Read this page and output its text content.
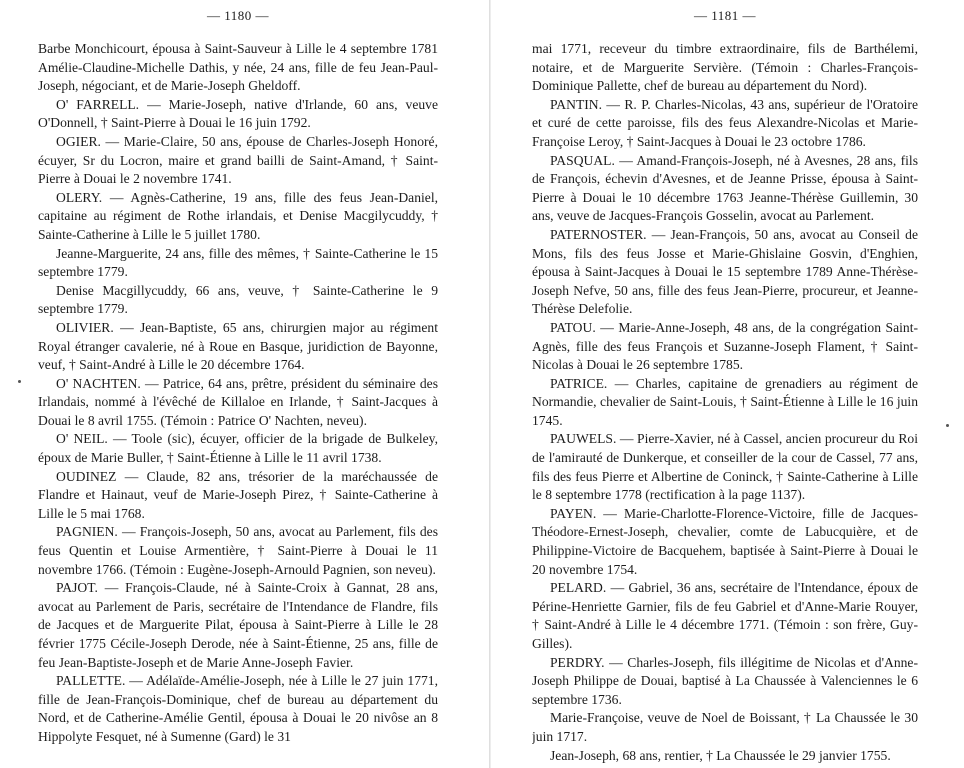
— 1180 —

Barbe Monchicourt, épousa à Saint-Sauveur à Lille le 4 septembre 1781 Amélie-Claudine-Michelle Dathis, y née, 24 ans, fille de feu Jean-Paul-Joseph, négociant, et de Marie-Joseph Gheldoff.

O' FARRELL. — Marie-Joseph, native d'Irlande, 60 ans, veuve O'Donnell, † Saint-Pierre à Douai le 16 juin 1792.

OGIER. — Marie-Claire, 50 ans, épouse de Charles-Joseph Honoré, écuyer, Sr du Locron, maire et grand bailli de Saint-Amand, † Saint-Pierre à Douai le 2 novembre 1741.

OLERY. — Agnès-Catherine, 19 ans, fille des feus Jean-Daniel, capitaine au régiment de Rothe irlandais, et Denise Macgilycuddy, † Sainte-Catherine à Lille le 5 juillet 1780.

Jeanne-Marguerite, 24 ans, fille des mêmes, † Sainte-Catherine le 15 septembre 1779.

Denise Macgillycuddy, 66 ans, veuve, † Sainte-Catherine le 9 septembre 1779.

OLIVIER. — Jean-Baptiste, 65 ans, chirurgien major au régiment Royal étranger cavalerie, né à Roue en Basque, juridiction de Bayonne, veuf, † Saint-André à Lille le 20 décembre 1764.

O' NACHTEN. — Patrice, 64 ans, prêtre, président du séminaire des Irlandais, nommé à l'évêché de Killaloe en Irlande, † Saint-Jacques à Douai le 8 avril 1755. (Témoin : Patrice O' Nachten, neveu).

O' NEIL. — Toole (sic), écuyer, officier de la brigade de Bulkeley, époux de Marie Buller, † Saint-Étienne à Lille le 11 avril 1738.

OUDINEZ — Claude, 82 ans, trésorier de la maréchaussée de Flandre et Hainaut, veuf de Marie-Joseph Pirez, † Sainte-Catherine à Lille le 5 mai 1768.

PAGNIEN. — François-Joseph, 50 ans, avocat au Parlement, fils des feus Quentin et Louise Armentière, † Saint-Pierre à Douai le 11 novembre 1766. (Témoin : Eugène-Joseph-Arnould Pagnien, son neveu).

PAJOT. — François-Claude, né à Sainte-Croix à Gannat, 28 ans, avocat au Parlement de Paris, secrétaire de l'Intendance de Flandre, fils de Jacques et de Marguerite Pilat, épousa à Saint-Pierre à Lille le 28 février 1775 Cécile-Joseph Derode, née à Saint-Étienne, 25 ans, fille de feu Jean-Baptiste-Joseph et de Marie Anne-Joseph Favier.

PALLETTE. — Adélaïde-Amélie-Joseph, née à Lille le 27 juin 1771, fille de Jean-François-Dominique, chef de bureau au département du Nord, et de Catherine-Amélie Gentil, épousa à Douai le 20 nivôse an 8 Hippolyte Fesquet, né à Sumenne (Gard) le 31

— 1181 —

mai 1771, receveur du timbre extraordinaire, fils de Barthélemi, notaire, et de Marguerite Servière. (Témoin : Charles-François-Dominique Pallette, chef de bureau au département du Nord).

PANTIN. — R. P. Charles-Nicolas, 43 ans, supérieur de l'Oratoire et curé de cette paroisse, fils des feus Alexandre-Nicolas et Marie-Françoise Leroy, † Saint-Jacques à Douai le 23 octobre 1786.

PASQUAL. — Amand-François-Joseph, né à Avesnes, 28 ans, fils de François, échevin d'Avesnes, et de Jeanne Prisse, épousa à Saint-Pierre à Douai le 10 décembre 1763 Jeanne-Thérèse Guillemin, 30 ans, veuve de Jacques-François Gosselin, avocat au Parlement.

PATERNOSTER. — Jean-François, 50 ans, avocat au Conseil de Mons, fils des feus Josse et Marie-Ghislaine Gosvin, d'Enghien, épousa à Saint-Jacques à Douai le 15 septembre 1789 Anne-Thérèse-Joseph Nefve, 50 ans, fille des feus Jean-Pierre, procureur, et Jeanne-Thérèse Delefolie.

PATOU. — Marie-Anne-Joseph, 48 ans, de la congrégation Saint-Agnès, fille des feus François et Suzanne-Joseph Flament, † Saint-Nicolas à Douai le 26 septembre 1785.

PATRICE. — Charles, capitaine de grenadiers au régiment de Normandie, chevalier de Saint-Louis, † Saint-Étienne à Lille le 16 juin 1745.

PAUWELS. — Pierre-Xavier, né à Cassel, ancien procureur du Roi de l'amirauté de Dunkerque, et conseiller de la cour de Cassel, 77 ans, fils des feus Pierre et Albertine de Coninck, † Sainte-Catherine à Lille le 8 septembre 1778 (rectification à la page 1137).

PAYEN. — Marie-Charlotte-Florence-Victoire, fille de Jacques-Théodore-Ernest-Joseph, chevalier, comte de Labucquière, et de Philippine-Victoire de Bacquehem, baptisée à Saint-Pierre à Douai le 20 novembre 1754.

PELARD. — Gabriel, 36 ans, secrétaire de l'Intendance, époux de Périne-Henriette Garnier, fils de feu Gabriel et d'Anne-Marie Rouyer, † Saint-André à Lille le 4 décembre 1771. (Témoin : son frère, Guy-Gilles).

PERDRY. — Charles-Joseph, fils illégitime de Nicolas et d'Anne-Joseph Philippe de Douai, baptisé à La Chaussée à Valenciennes le 6 septembre 1736.

Marie-Françoise, veuve de Noel de Boissant, † La Chaussée le 30 juin 1717.

Jean-Joseph, 68 ans, rentier, † La Chaussée le 29 janvier 1755.
